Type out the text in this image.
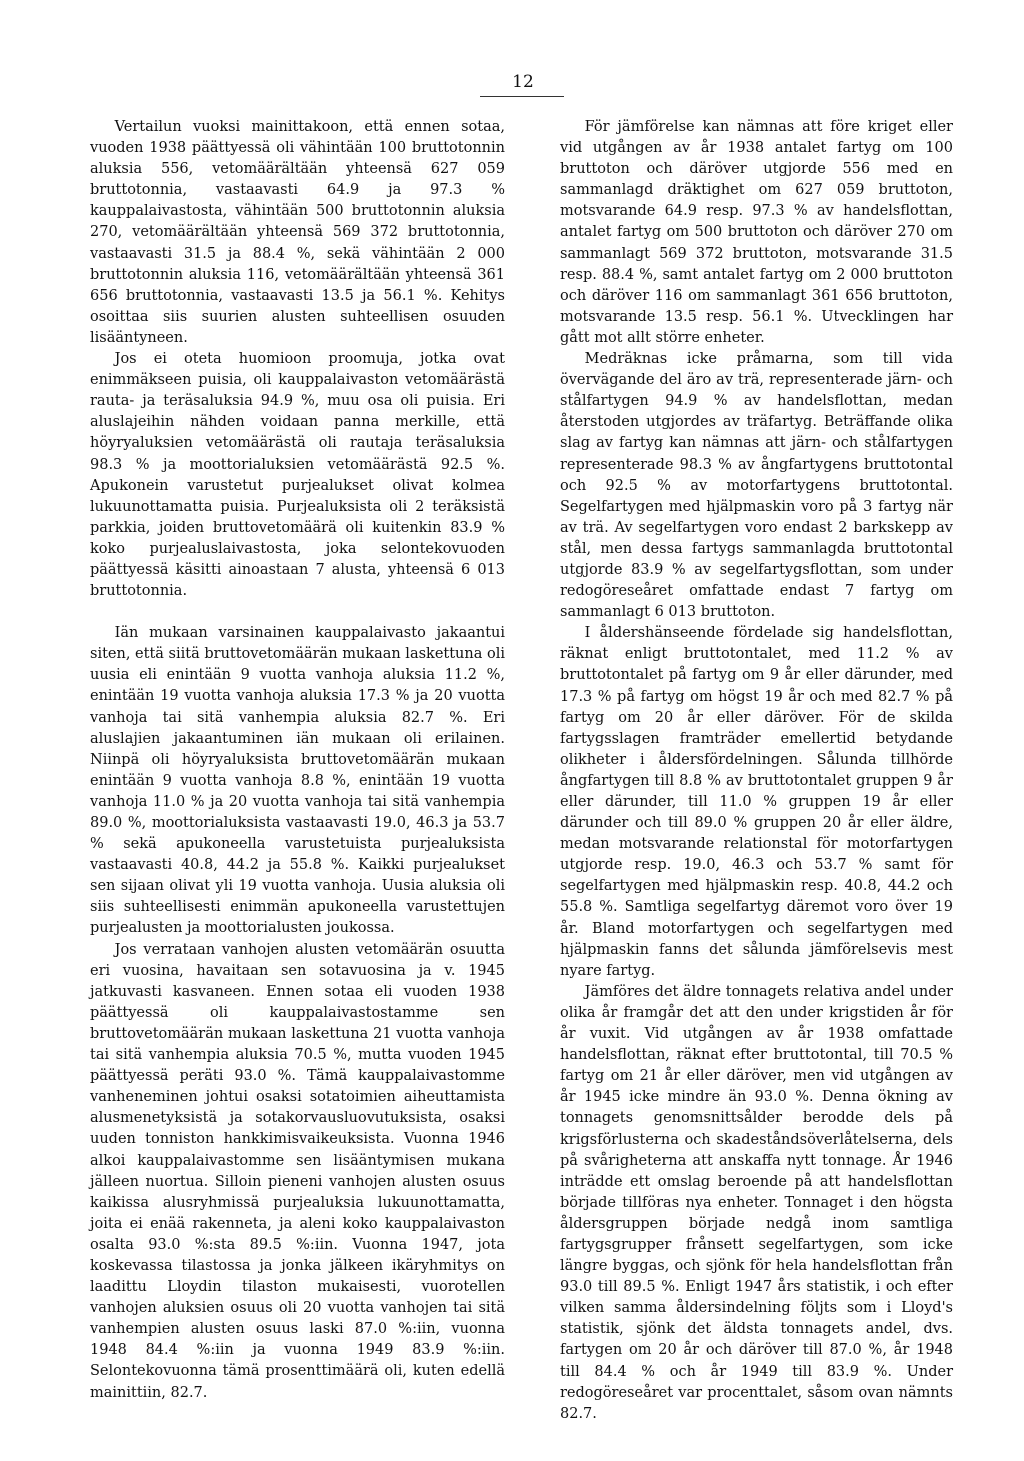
12

Vertailun vuoksi mainittakoon, että ennen sotaa, vuoden 1938 päättyessä oli vähintään 100 bruttotonnin aluksia 556, vetomäärältään yhteensä 627 059 bruttotonnia, vastaavasti 64.9 ja 97.3 % kauppalaivastosta, vähintään 500 bruttotonnin aluksia 270, vetomäärältään yhteensä 569 372 bruttotonnia, vastaavasti 31.5 ja 88.4 %, sekä vähintään 2 000 bruttotonnin aluksia 116, vetomäärältään yhteensä 361 656 bruttotonnia, vastaavasti 13.5 ja 56.1 %. Kehitys osoittaa siis suurien alusten suhteellisen osuuden lisääntyneen.

Jos ei oteta huomioon proomuja, jotka ovat enimmäkseen puisia, oli kauppalaivaston vetomäärästä rauta- ja teräsaluksia 94.9 %, muu osa oli puisia. Eri aluslajeihin nähden voidaan panna merkille, että höyryaluksien vetomäärästä oli rautaja teräsaluksia 98.3 % ja moottorialuksien vetomäärästä 92.5 %. Apukonein varustetut purjealukset olivat kolmea lukuunottamatta puisia. Purjealuksista oli 2 teräksistä parkkia, joiden bruttovetomäärä oli kuitenkin 83.9 % koko purjealuslaivastosta, joka selontekovuoden päättyessä käsitti ainoastaan 7 alusta, yhteensä 6 013 bruttotonnia.

Iän mukaan varsinainen kauppalaivasto jakaantui siten, että siitä bruttovetomäärän mukaan laskettuna oli uusia eli enintään 9 vuotta vanhoja aluksia 11.2 %, enintään 19 vuotta vanhoja aluksia 17.3 % ja 20 vuotta vanhoja tai sitä vanhempia aluksia 82.7 %. Eri aluslajien jakaantuminen iän mukaan oli erilainen. Niinpä oli höyryaluksista bruttovetomäärän mukaan enintään 9 vuotta vanhoja 8.8 %, enintään 19 vuotta vanhoja 11.0 % ja 20 vuotta vanhoja tai sitä vanhempia 89.0 %, moottorialuksista vastaavasti 19.0, 46.3 ja 53.7 % sekä apukoneella varustetuista purjealuksista vastaavasti 40.8, 44.2 ja 55.8 %. Kaikki purjealukset sen sijaan olivat yli 19 vuotta vanhoja. Uusia aluksia oli siis suhteellisesti enimmän apukoneella varustettujen purjealusten ja moottorialusten joukossa.

Jos verrataan vanhojen alusten vetomäärän osuutta eri vuosina, havaitaan sen sotavuosina ja v. 1945 jatkuvasti kasvaneen. Ennen sotaa eli vuoden 1938 päättyessä oli kauppalaivastostamme sen bruttovetomäärän mukaan laskettuna 21 vuotta vanhoja tai sitä vanhempia aluksia 70.5 %, mutta vuoden 1945 päättyessä peräti 93.0 %. Tämä kauppalaivastomme vanheneminen johtui osaksi sotatoimien aiheuttamista alusmenetyksistä ja sotakorvausluovutuksista, osaksi uuden tonniston hankkimisvaikeuksista. Vuonna 1946 alkoi kauppalaivastomme sen lisääntymisen mukana jälleen nuortua. Silloin pieneni vanhojen alusten osuus kaikissa alusryhmissä purjealuksia lukuunottamatta, joita ei enää rakenneta, ja aleni koko kauppalaivaston osalta 93.0 %:sta 89.5 %:iin. Vuonna 1947, jota koskevassa tilastossa ja jonka jälkeen ikäryhmitys on laadittu Lloydin tilaston mukaisesti, vuorotellen vanhojen aluksien osuus oli 20 vuotta vanhojen tai sitä vanhempien alusten osuus laski 87.0 %:iin, vuonna 1948 84.4 %:iin ja vuonna 1949 83.9 %:iin. Selontekovuonna tämä prosenttimäärä oli, kuten edellä mainittiin, 82.7.

För jämförelse kan nämnas att före kriget eller vid utgången av år 1938 antalet fartyg om 100 bruttoton och däröver utgjorde 556 med en sammanlagd dräktighet om 627 059 bruttoton, motsvarande 64.9 resp. 97.3 % av handelsflottan, antalet fartyg om 500 bruttoton och däröver 270 om sammanlagt 569 372 bruttoton, motsvarande 31.5 resp. 88.4 %, samt antalet fartyg om 2 000 bruttoton och däröver 116 om sammanlagt 361 656 bruttoton, motsvarande 13.5 resp. 56.1 %. Utvecklingen har gått mot allt större enheter.

Medräknas icke pråmarna, som till vida övervägande del äro av trä, representerade järn- och stålfartygen 94.9 % av handelsflottan, medan återstoden utgjordes av träfartyg. Beträffande olika slag av fartyg kan nämnas att järn- och stålfartygen representerade 98.3 % av ångfartygens bruttotontal och 92.5 % av motorfartygens bruttotontal. Segelfartygen med hjälpmaskin voro på 3 fartyg när av trä. Av segelfartygen voro endast 2 barkskepp av stål, men dessa fartygs sammanlagda bruttotontal utgjorde 83.9 % av segelfartygsflottan, som under redogöreseåret omfattade endast 7 fartyg om sammanlagt 6 013 bruttoton.

I åldershänseende fördelade sig handelsflottan, räknat enligt bruttotontalet, med 11.2 % av bruttotontalet på fartyg om 9 år eller därunder, med 17.3 % på fartyg om högst 19 år och med 82.7 % på fartyg om 20 år eller däröver. För de skilda fartygsslagen framträder emellertid betydande olikheter i åldersfördelningen. Sålunda tillhörde ångfartygen till 8.8 % av bruttotontalet gruppen 9 år eller därunder, till 11.0 % gruppen 19 år eller därunder och till 89.0 % gruppen 20 år eller äldre, medan motsvarande relationstal för motorfartygen utgjorde resp. 19.0, 46.3 och 53.7 % samt för segelfartygen med hjälpmaskin resp. 40.8, 44.2 och 55.8 %. Samtliga segelfartyg däremot voro över 19 år. Bland motorfartygen och segelfartygen med hjälpmaskin fanns det sålunda jämförelsevis mest nyare fartyg.

Jämföres det äldre tonnagets relativa andel under olika år framgår det att den under krigstiden år för år vuxit. Vid utgången av år 1938 omfattade handelsflottan, räknat efter bruttotontal, till 70.5 % fartyg om 21 år eller däröver, men vid utgången av år 1945 icke mindre än 93.0 %. Denna ökning av tonnagets genomsnittsålder berodde dels på krigsförlusterna och skadeståndsöverlåtelserna, dels på svårigheterna att anskaffa nytt tonnage. År 1946 inträdde ett omslag beroende på att handelsflottan började tillföras nya enheter. Tonnaget i den högsta åldersgruppen började nedgå inom samtliga fartygsgrupper frånsett segelfartygen, som icke längre byggas, och sjönk för hela handelsflottan från 93.0 till 89.5 %. Enligt 1947 års statistik, i och efter vilken samma åldersindelning följts som i Lloyd's statistik, sjönk det äldsta tonnagets andel, dvs. fartygen om 20 år och däröver till 87.0 %, år 1948 till 84.4 % och år 1949 till 83.9 %. Under redogöreseåret var procenttalet, såsom ovan nämnts 82.7.
